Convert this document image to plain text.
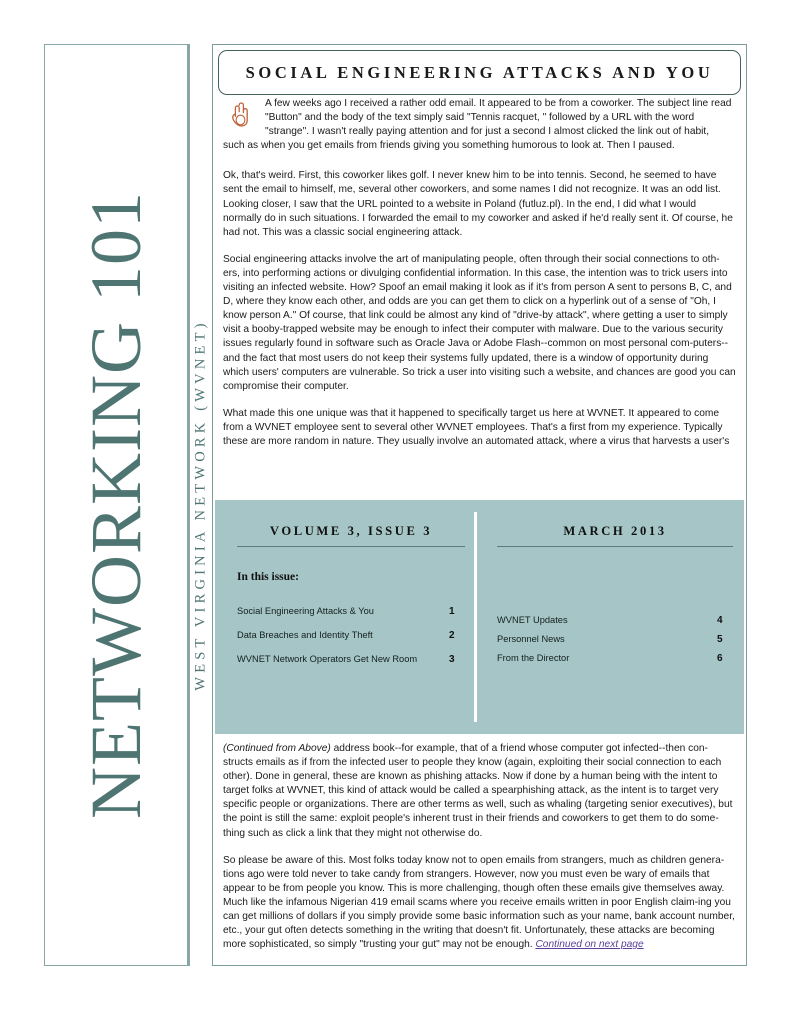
NETWORKING 101	WEST VIRGINIA NETWORK (WVNET)
SOCIAL ENGINEERING ATTACKS AND YOU

A few weeks ago I received a rather odd email. It appeared to be from a coworker. The subject line read "Button" and the body of the text simply said "Tennis racquet, " followed by a URL with the word "strange". I wasn't really paying attention and for just a second I almost clicked the link out of habit,

such as when you get emails from friends giving you something humorous to look at. Then I paused.

Ok, that's weird. First, this coworker likes golf. I never knew him to be into tennis. Second, he seemed to have sent the email to himself, me, several other coworkers, and some names I did not recognize. It was an odd list. Looking closer, I saw that the URL pointed to a website in Poland (futluz.pl). In the end, I did what I would normally do in such situations. I forwarded the email to my coworker and asked if he'd really sent it. Of course, he had not. This was a classic social engineering attack.

Social engineering attacks involve the art of manipulating people, often through their social connections to oth-ers, into performing actions or divulging confidential information. In this case, the intention was to trick users into visiting an infected website. How? Spoof an email making it look as if it's from person A sent to persons B, C, and D, where they know each other, and odds are you can get them to click on a hyperlink out of a sense of "Oh, I know person A." Of course, that link could be almost any kind of "drive-by attack", where getting a user to simply visit a booby-trapped website may be enough to infect their computer with malware. Due to the various security issues regularly found in software such as Oracle Java or Adobe Flash--common on most personal com-puters--and the fact that most users do not keep their systems fully updated, there is a window of opportunity during which users' computers are vulnerable. So trick a user into visiting such a website, and chances are good you can compromise their computer.

What made this one unique was that it happened to specifically target us here at WVNET. It appeared to come from a WVNET employee sent to several other WVNET employees. That's a first from my experience. Typically these are more random in nature. They usually involve an automated attack, where a virus that harvests a user's

VOLUME 3, ISSUE 3
In this issue:
Social Engineering Attacks & You	1
Data Breaches and Identity Theft	2
WVNET Network Operators Get New Room	3
MARCH 2013
WVNET Updates	4
Personnel News	5
From the Director	6

(Continued from Above) address book--for example, that of a friend whose computer got infected--then con-structs emails as if from the infected user to people they know (again, exploiting their social connection to each other). Done in general, these are known as phishing attacks. Now if done by a human being with the intent to target folks at WVNET, this kind of attack would be called a spearphishing attack, as the intent is to target very specific people or organizations. There are other terms as well, such as whaling (targeting senior executives), but the point is still the same: exploit people's inherent trust in their friends and coworkers to get them to do some-thing such as click a link that they might not otherwise do.

So please be aware of this. Most folks today know not to open emails from strangers, much as children genera-tions ago were told never to take candy from strangers. However, now you must even be wary of emails that appear to be from people you know. This is more challenging, though often these emails give themselves away. Much like the infamous Nigerian 419 email scams where you receive emails written in poor English claim-ing you can get millions of dollars if you simply provide some basic information such as your name, bank account number, etc., your gut often detects something in the writing that doesn't fit. Unfortunately, these attacks are becoming more sophisticated, so simply "trusting your gut" may not be enough. Continued on next page
